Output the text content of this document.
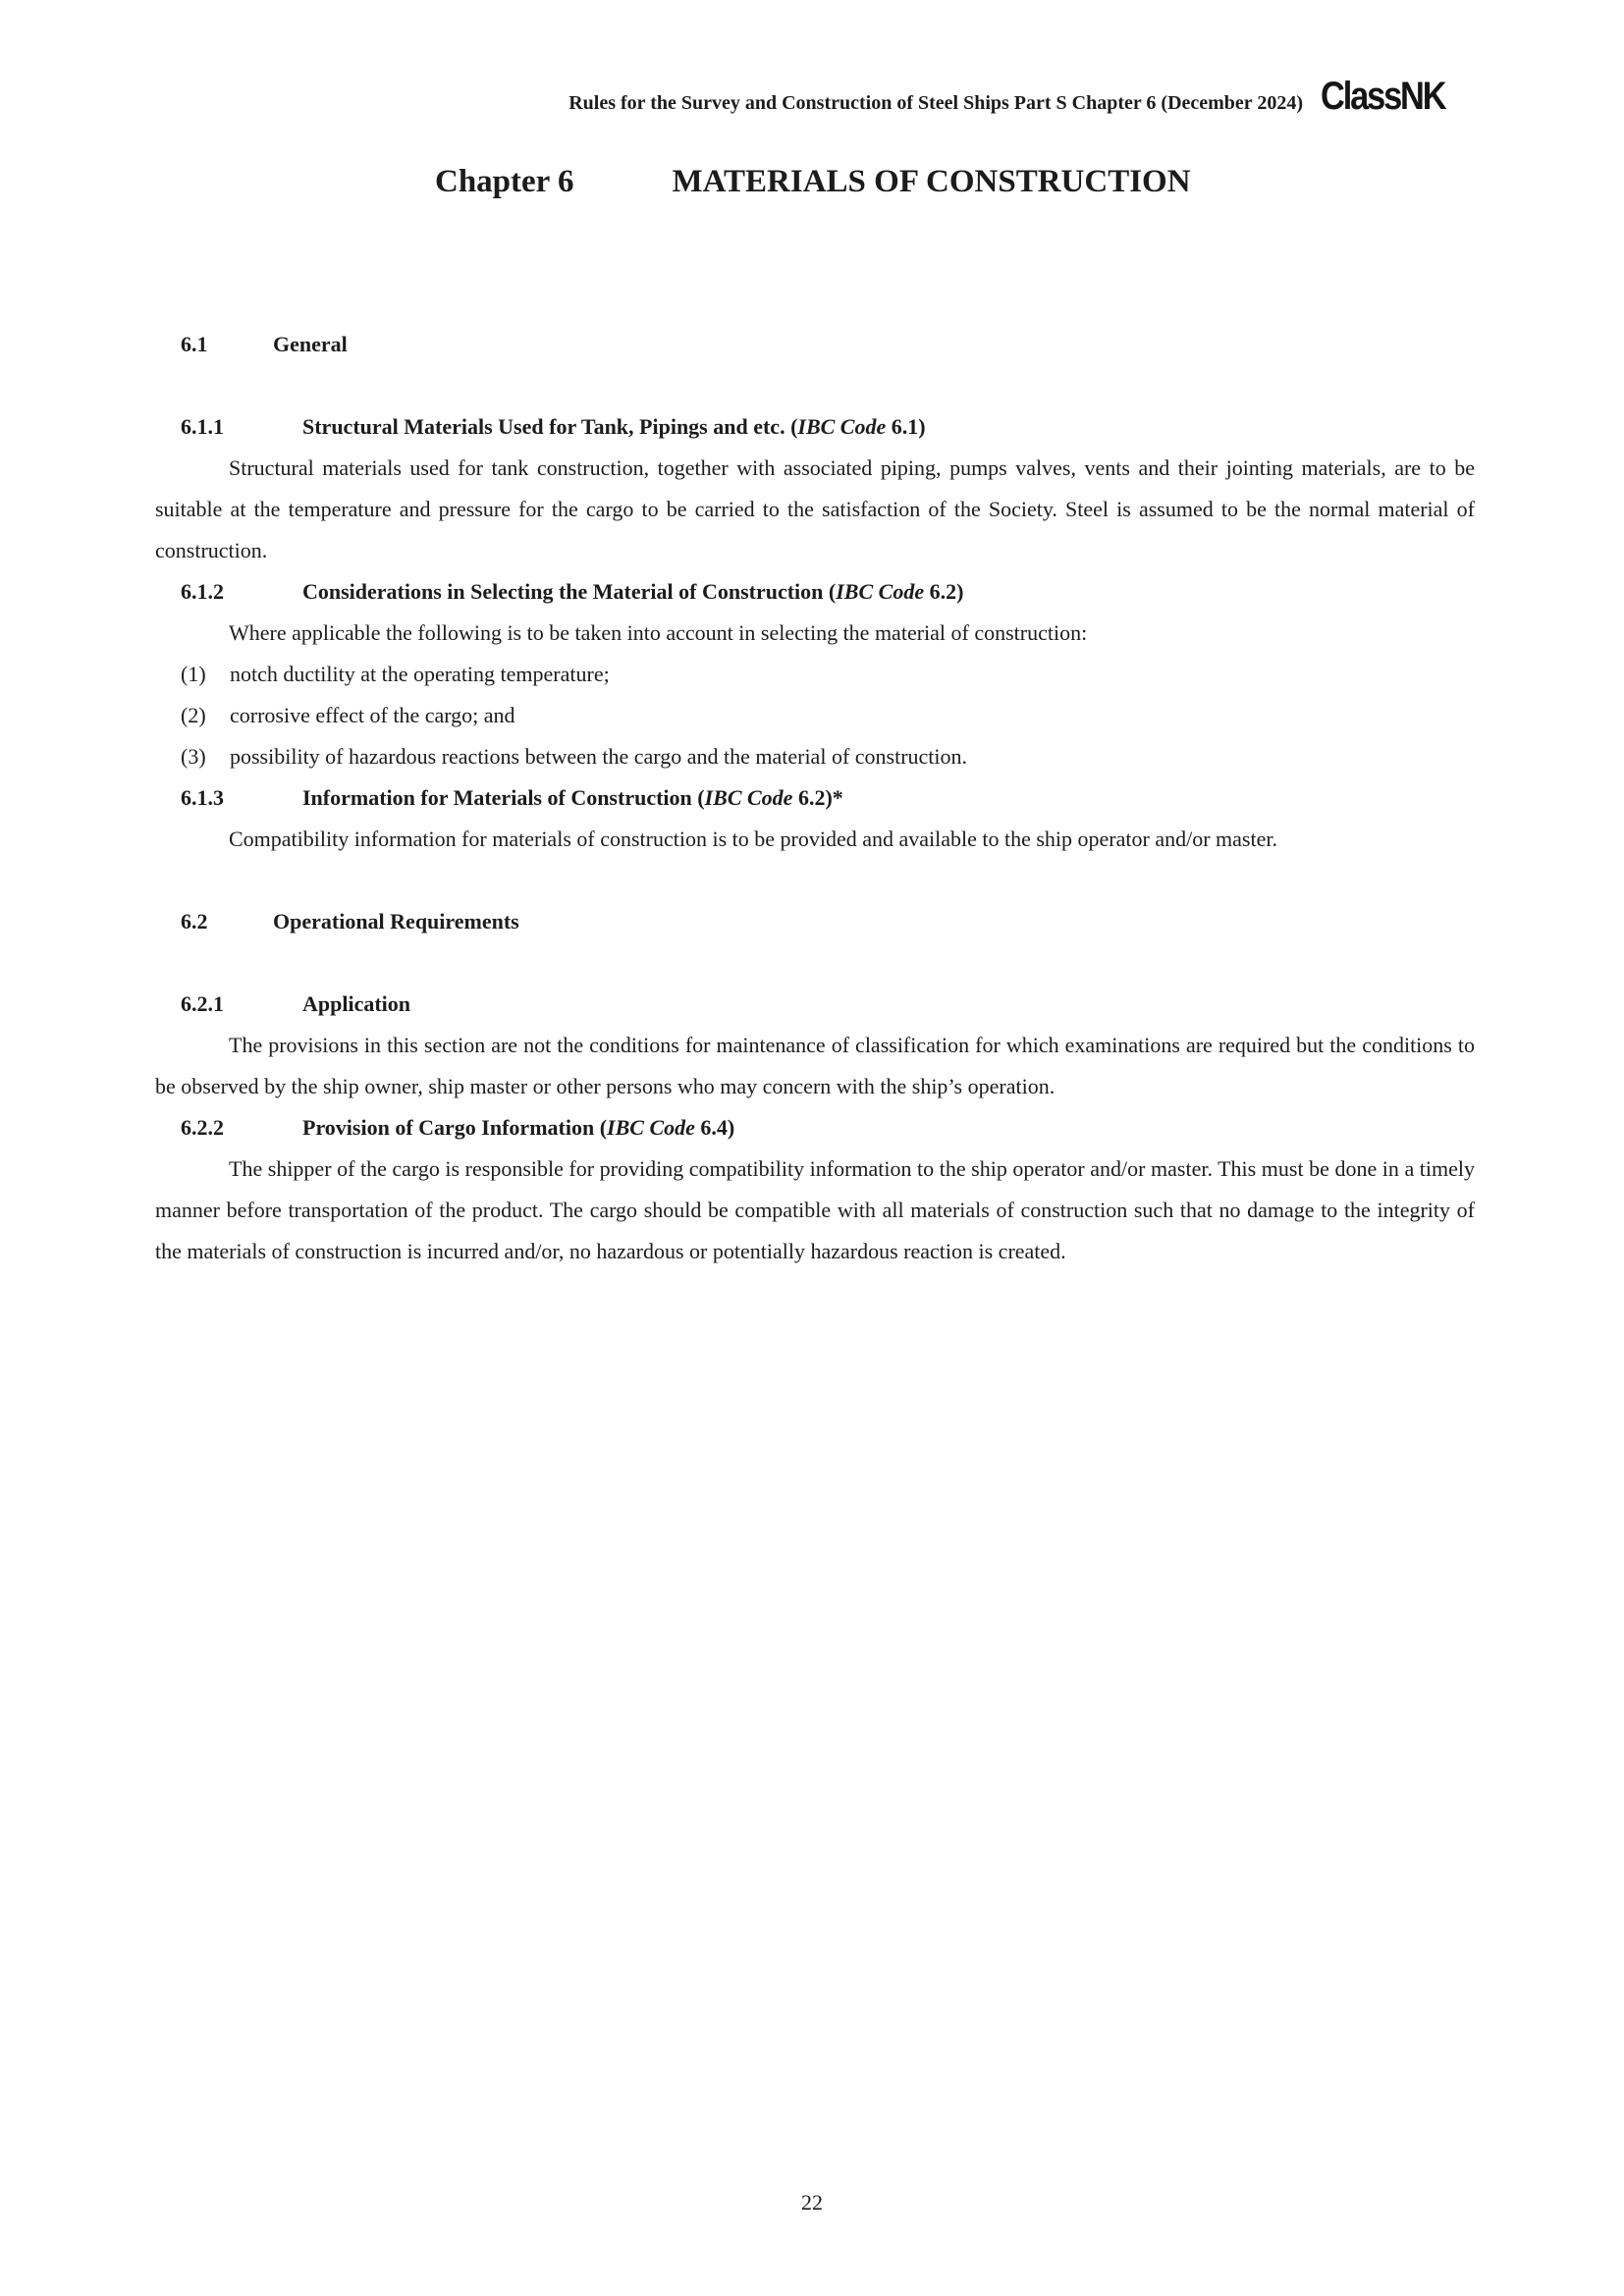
Rules for the Survey and Construction of Steel Ships Part S Chapter 6 (December 2024) ClassNK
Chapter 6	MATERIALS OF CONSTRUCTION
6.1	General
6.1.1	Structural Materials Used for Tank, Pipings and etc. (IBC Code 6.1)

Structural materials used for tank construction, together with associated piping, pumps valves, vents and their jointing materials, are to be suitable at the temperature and pressure for the cargo to be carried to the satisfaction of the Society. Steel is assumed to be the normal material of construction.

6.1.2	Considerations in Selecting the Material of Construction (IBC Code 6.2)

Where applicable the following is to be taken into account in selecting the material of construction:

(1) notch ductility at the operating temperature;
(2) corrosive effect of the cargo; and
(3) possibility of hazardous reactions between the cargo and the material of construction.
6.1.3	Information for Materials of Construction (IBC Code 6.2)*

Compatibility information for materials of construction is to be provided and available to the ship operator and/or master.

6.2	Operational Requirements
6.2.1	Application

The provisions in this section are not the conditions for maintenance of classification for which examinations are required but the conditions to be observed by the ship owner, ship master or other persons who may concern with the ship’s operation.

6.2.2	Provision of Cargo Information (IBC Code 6.4)

The shipper of the cargo is responsible for providing compatibility information to the ship operator and/or master. This must be done in a timely manner before transportation of the product. The cargo should be compatible with all materials of construction such that no damage to the integrity of the materials of construction is incurred and/or, no hazardous or potentially hazardous reaction is created.

22
